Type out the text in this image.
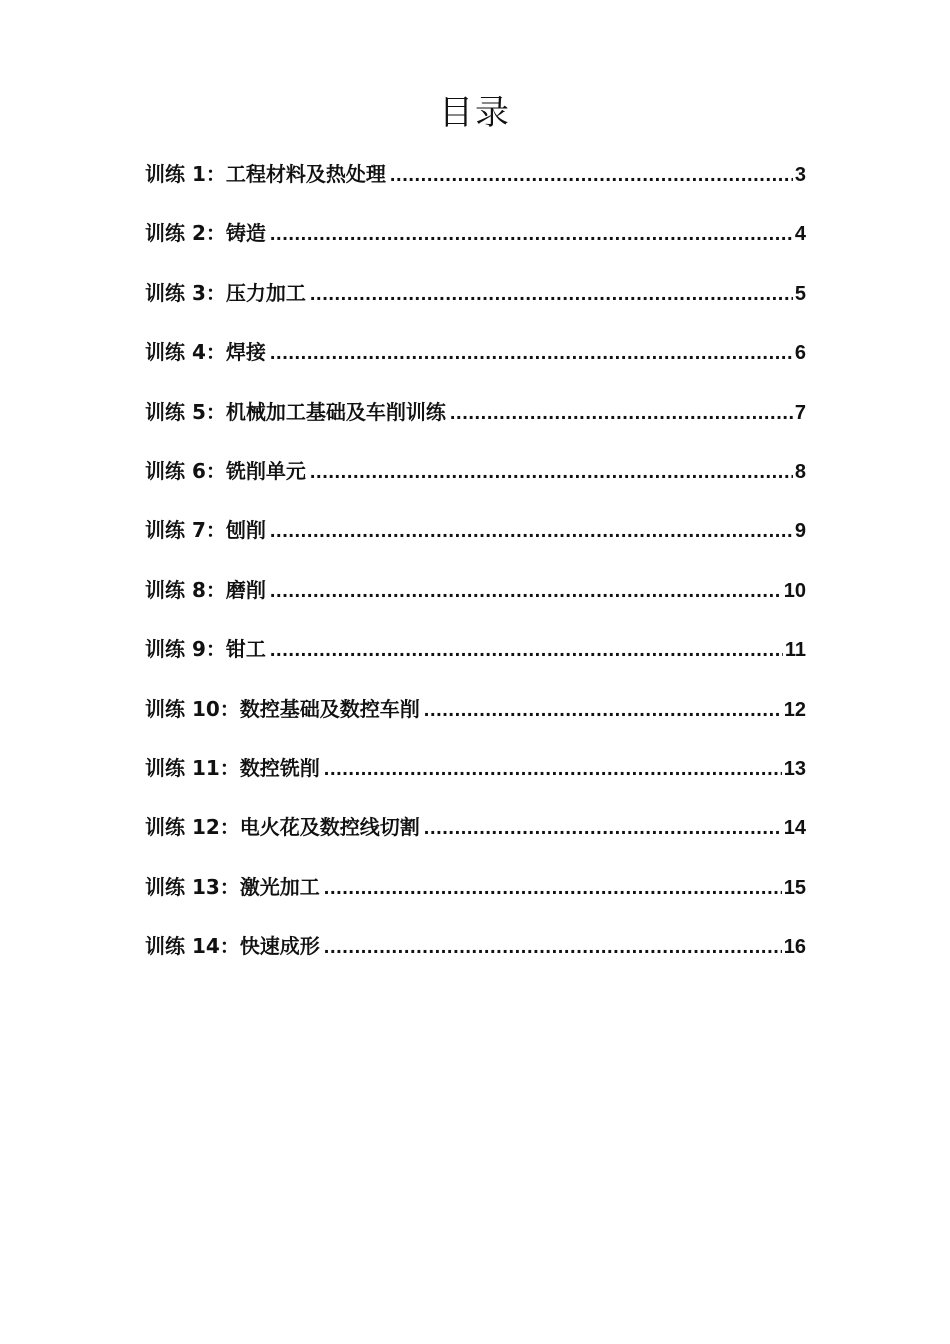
目录
训练 1：工程材料及热处理 .....	3
训练 2：铸造 .....	4
训练 3：压力加工 .....	5
训练 4：焊接 .....	6
训练 5：机械加工基础及车削训练 .....	7
训练 6：铣削单元 .....	8
训练 7：刨削 .....	9
训练 8：磨削 .....	10
训练 9：钳工 .....	11
训练 10：数控基础及数控车削 .....	12
训练 11：数控铣削 .....	13
训练 12：电火花及数控线切割 .....	14
训练 13：激光加工 .....	15
训练 14：快速成形 .....	16
